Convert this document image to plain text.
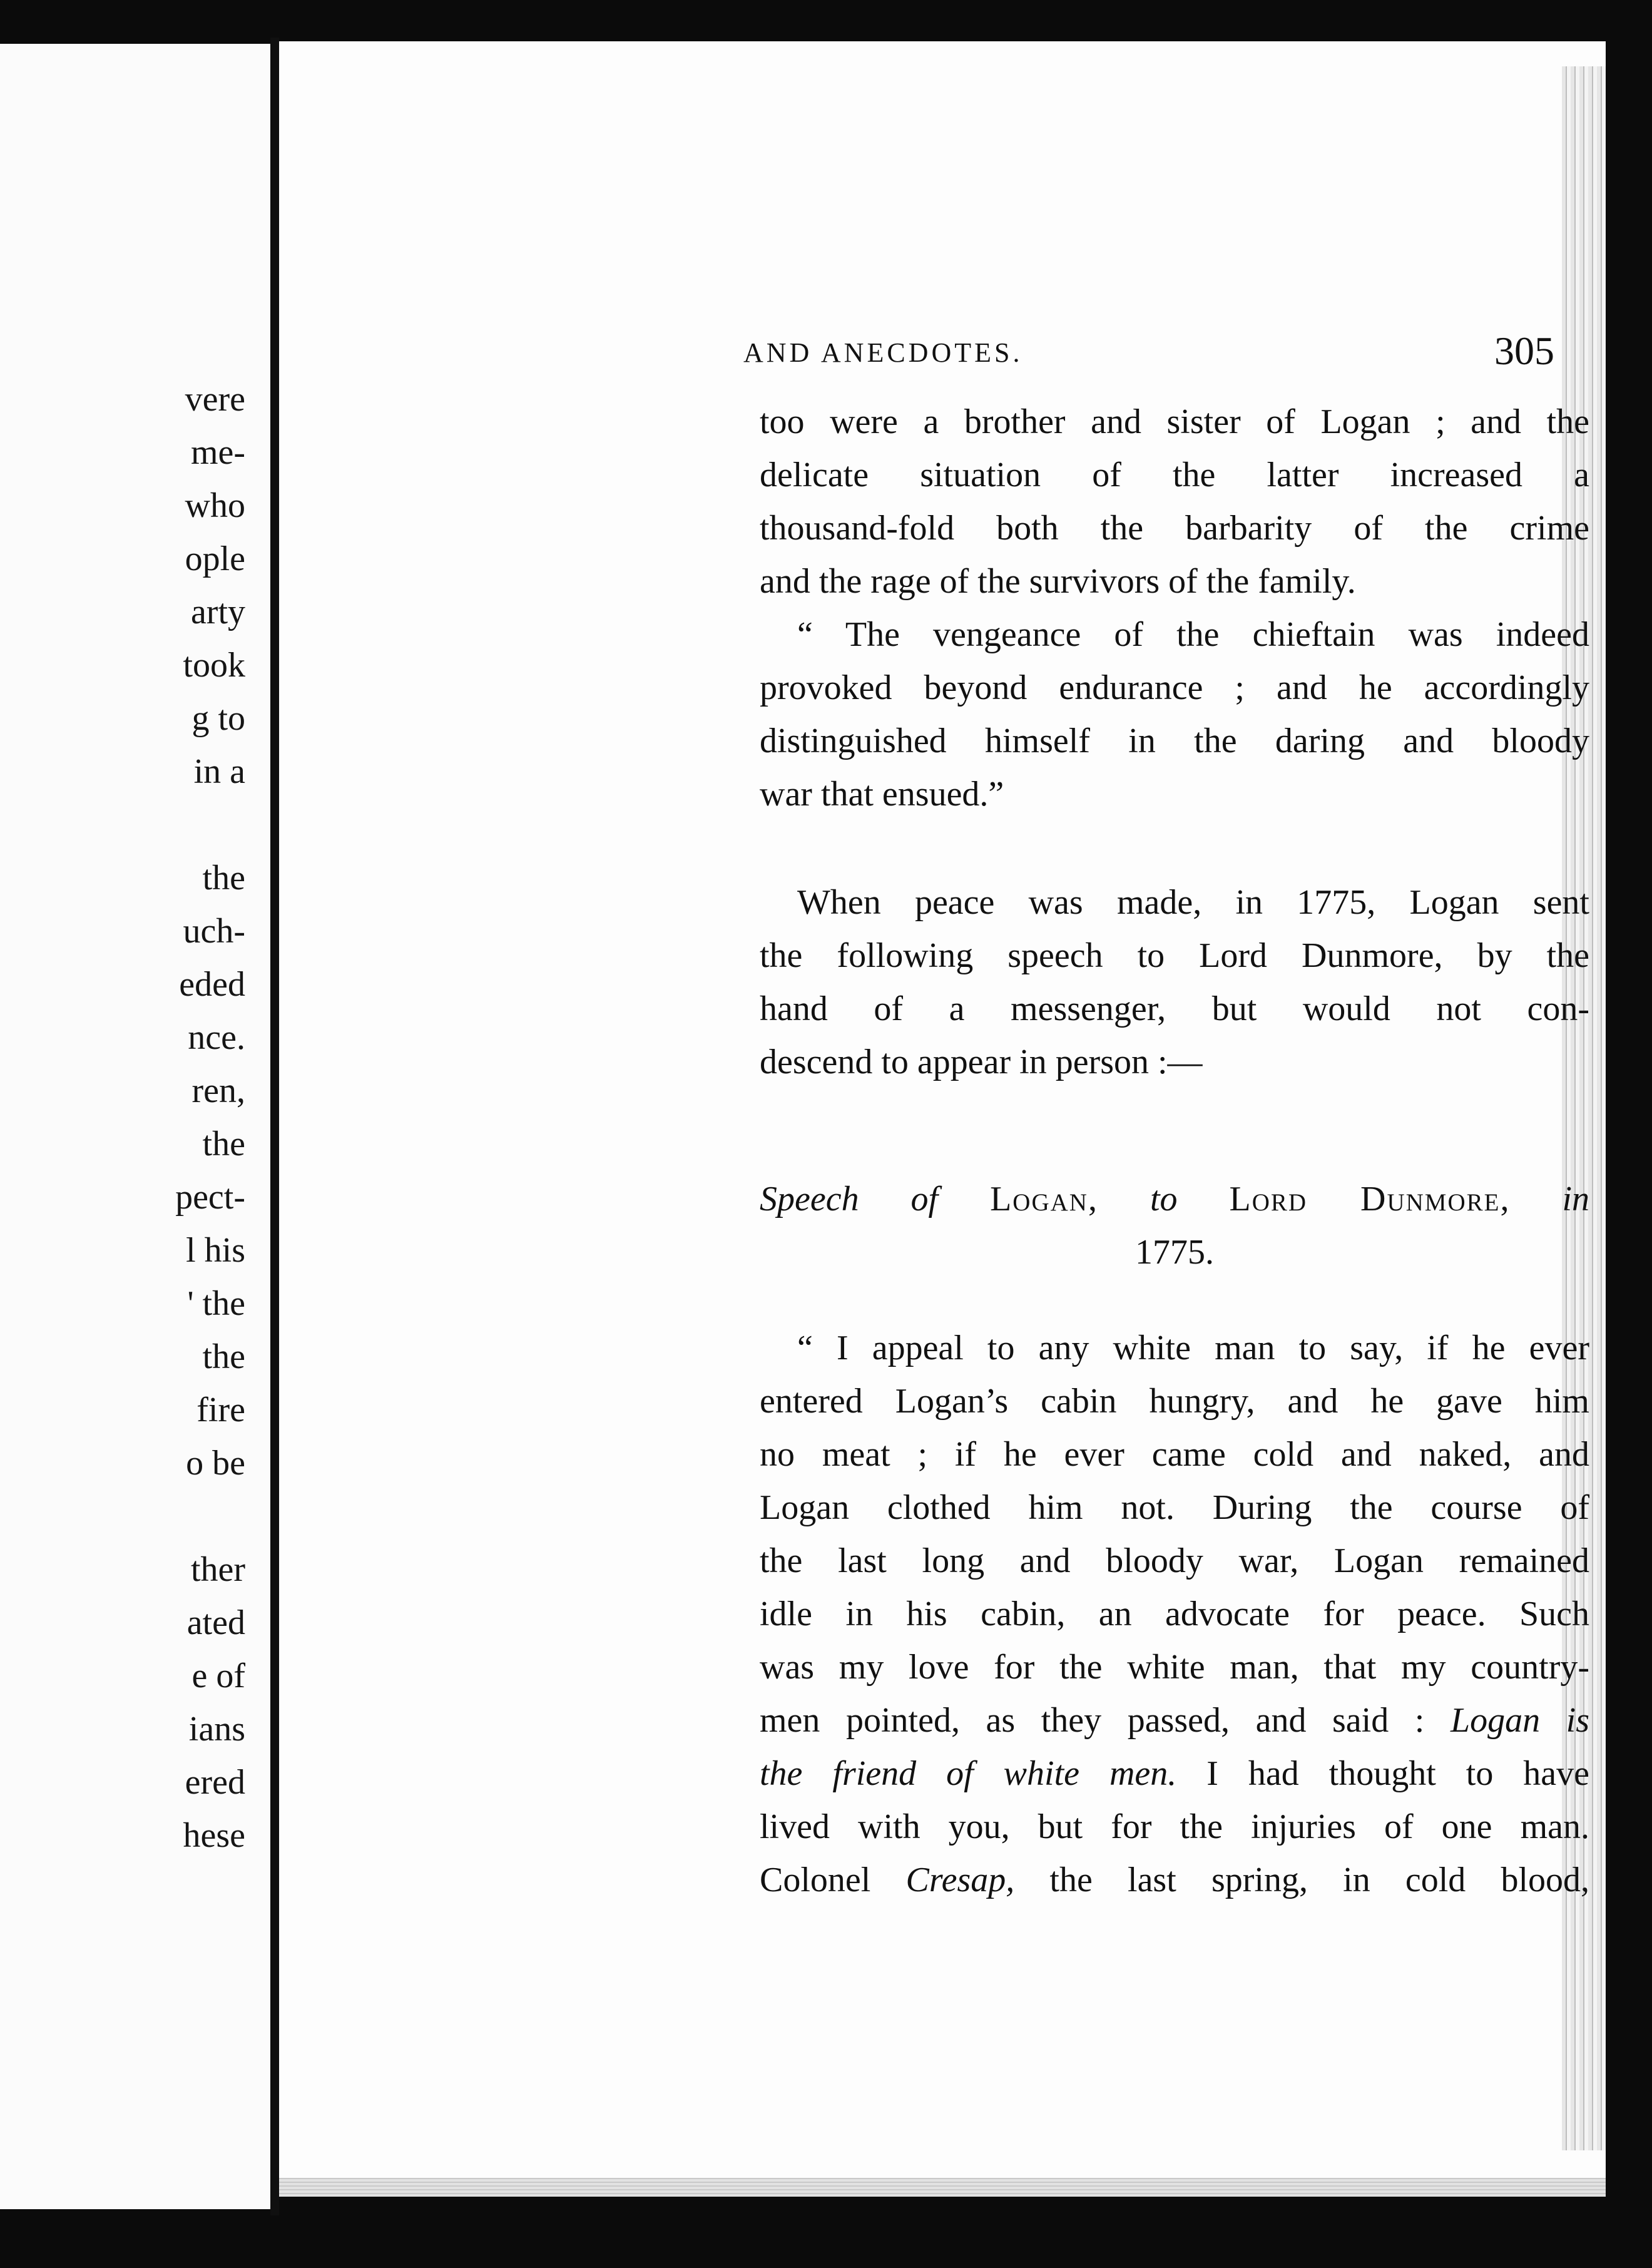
vere
me-
who
ople
arty
took
g to
in a
the
uch-
eded
nce.
ren,
the
pect-
l his
' the
the
fire
o be
ther
ated
e of
ians
ered
hese
AND ANECDOTES.	305
too were a brother and sister of Logan ; and the
delicate situation of the latter increased a
thousand-fold both the barbarity of the crime
and the rage of the survivors of the family.
“ The vengeance of the chieftain was indeed
provoked beyond endurance ; and he accordingly
distinguished himself in the daring and bloody
war that ensued.”
When peace was made, in 1775, Logan sent
the following speech to Lord Dunmore, by the
hand of a messenger, but would not con-
descend to appear in person :—
Speech of Logan, to Lord Dunmore, in
1775.
“ I appeal to any white man to say, if he ever
entered Logan’s cabin hungry, and he gave him
no meat ; if he ever came cold and naked, and
Logan clothed him not. During the course of
the last long and bloody war, Logan remained
idle in his cabin, an advocate for peace. Such
was my love for the white man, that my country-
men pointed, as they passed, and said : Logan is
the friend of white men. I had thought to have
lived with you, but for the injuries of one man.
Colonel Cresap, the last spring, in cold blood,
